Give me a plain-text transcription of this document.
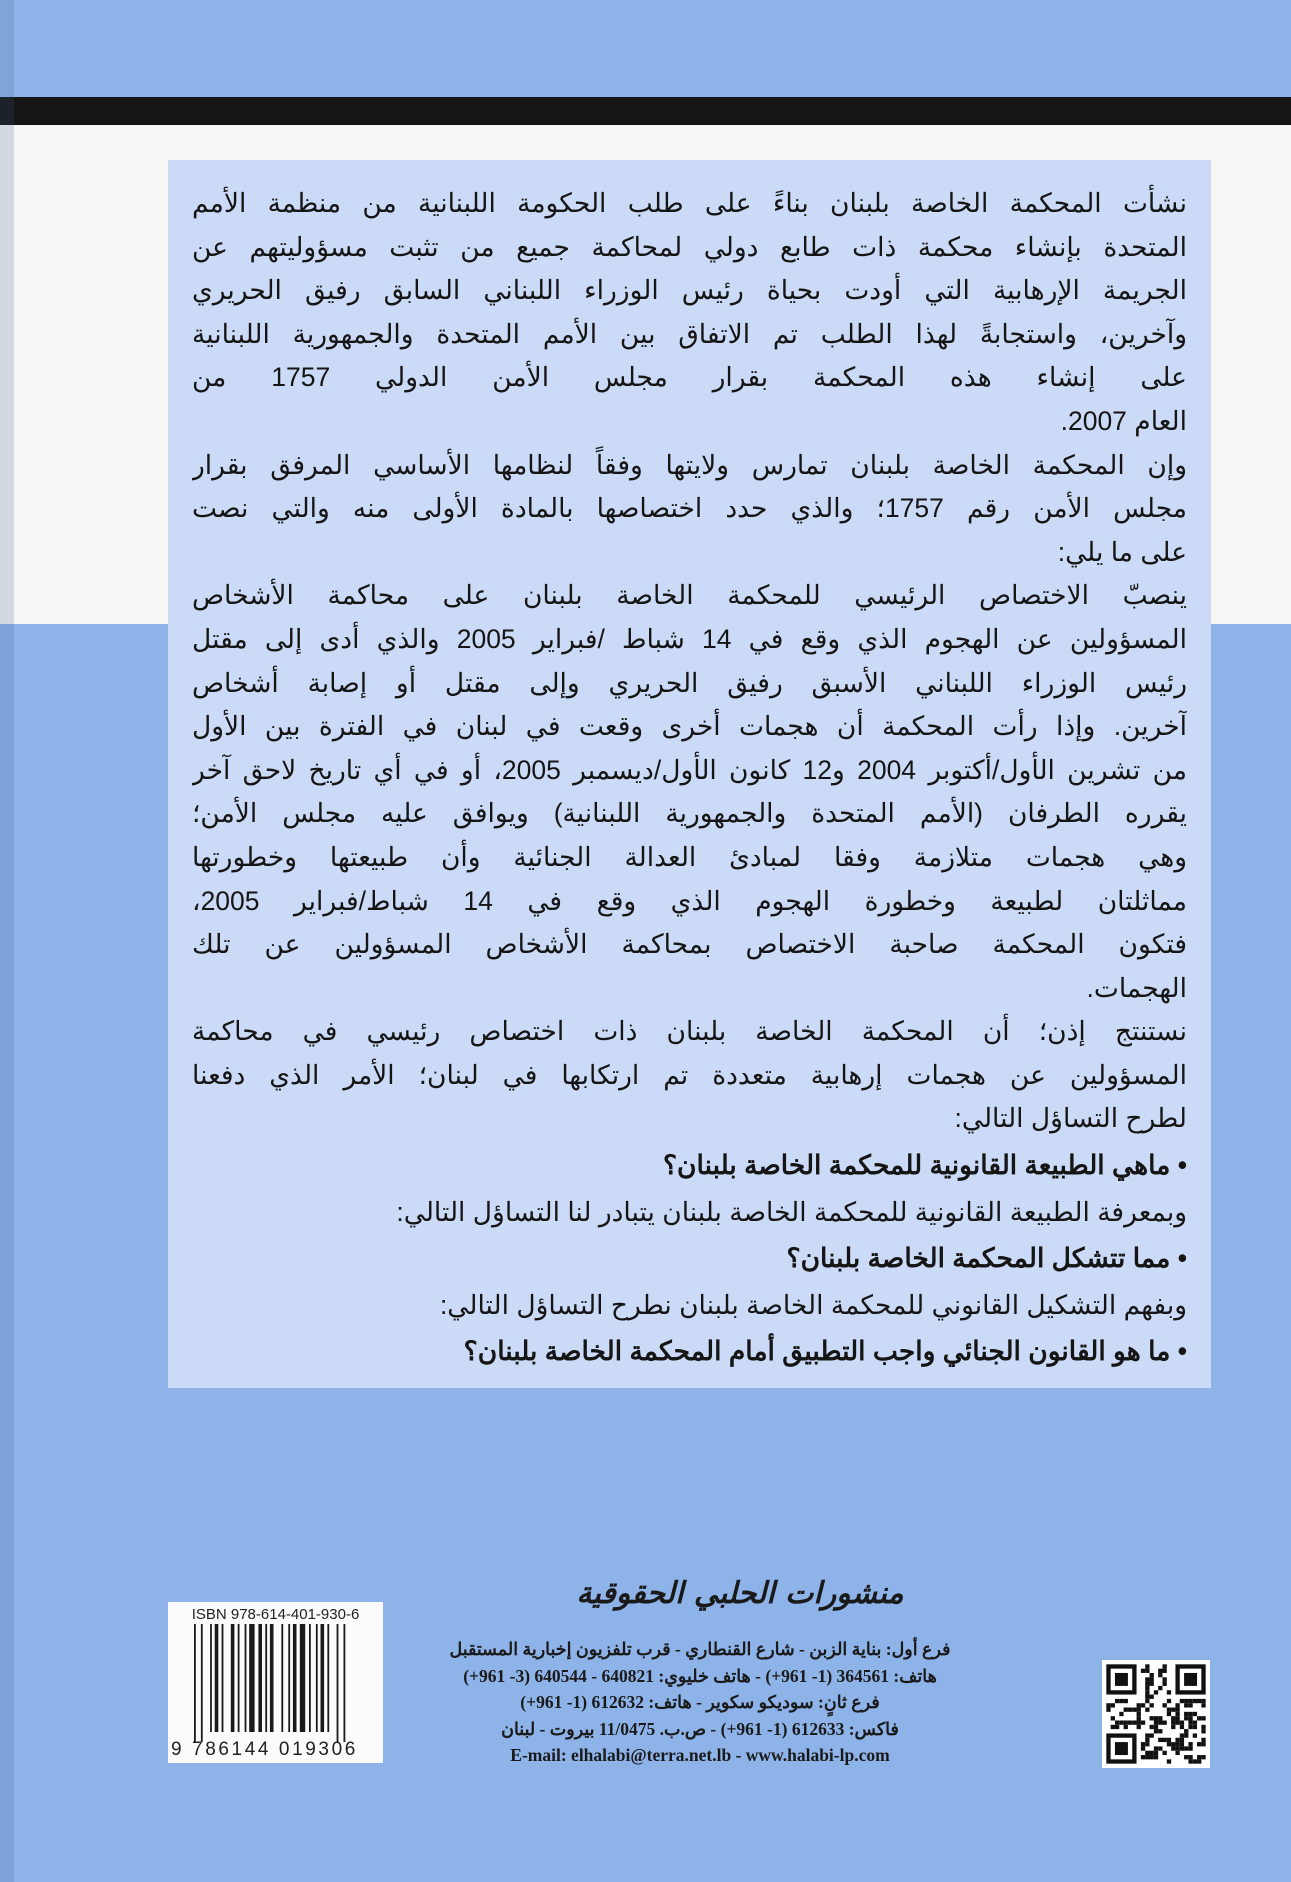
نشأت المحكمة الخاصة بلبنان بناءً على طلب الحكومة اللبنانية من منظمة الأمم
المتحدة بإنشاء محكمة ذات طابع دولي لمحاكمة جميع من تثبت مسؤوليتهم عن
الجريمة الإرهابية التي أودت بحياة رئيس الوزراء اللبناني السابق رفيق الحريري
وآخرين، واستجابةً لهذا الطلب تم الاتفاق بين الأمم المتحدة والجمهورية اللبنانية
على إنشاء هذه المحكمة بقرار مجلس الأمن الدولي 1757 من
العام 2007.
وإن المحكمة الخاصة بلبنان تمارس ولايتها وفقاً لنظامها الأساسي المرفق بقرار
مجلس الأمن رقم 1757؛ والذي حدد اختصاصها بالمادة الأولى منه والتي نصت
على ما يلي:
ينصبّ الاختصاص الرئيسي للمحكمة الخاصة بلبنان على محاكمة الأشخاص
المسؤولين عن الهجوم الذي وقع في 14 شباط /فبراير 2005 والذي أدى إلى مقتل
رئيس الوزراء اللبناني الأسبق رفيق الحريري وإلى مقتل أو إصابة أشخاص
آخرين. وإذا رأت المحكمة أن هجمات أخرى وقعت في لبنان في الفترة بين الأول
من تشرين الأول/أكتوبر 2004 و12 كانون الأول/ديسمبر 2005، أو في أي تاريخ لاحق آخر
يقرره الطرفان (الأمم المتحدة والجمهورية اللبنانية) ويوافق عليه مجلس الأمن؛
وهي هجمات متلازمة وفقا لمبادئ العدالة الجنائية وأن طبيعتها وخطورتها
مماثلتان لطبيعة وخطورة الهجوم الذي وقع في 14 شباط/فبراير 2005،
فتكون المحكمة صاحبة الاختصاص بمحاكمة الأشخاص المسؤولين عن تلك
الهجمات.
نستنتج إذن؛ أن المحكمة الخاصة بلبنان ذات اختصاص رئيسي في محاكمة
المسؤولين عن هجمات إرهابية متعددة تم ارتكابها في لبنان؛ الأمر الذي دفعنا
لطرح التساؤل التالي:
• ماهي الطبيعة القانونية للمحكمة الخاصة بلبنان؟
وبمعرفة الطبيعة القانونية للمحكمة الخاصة بلبنان يتبادر لنا التساؤل التالي:
• مما تتشكل المحكمة الخاصة بلبنان؟
وبفهم التشكيل القانوني للمحكمة الخاصة بلبنان نطرح التساؤل التالي:
• ما هو القانون الجنائي واجب التطبيق أمام المحكمة الخاصة بلبنان؟
منشورات الحلبي الحقوقية
فرع أول: بناية الزبن - شارع القنطاري - قرب تلفزيون إخبارية المستقبل
هاتف: 364561 (1- 961+) - هاتف خليوي: 640821 - 640544 (3- 961+)
فرع ثانٍ: سوديكو سكوير - هاتف: 612632 (1- 961+)
فاكس: 612633 (1- 961+) - ص.ب. 11/0475 بيروت - لبنان
E-mail: elhalabi@terra.net.lb - www.halabi-lp.com
ISBN 978-614-401-930-6
9 786144 019306
